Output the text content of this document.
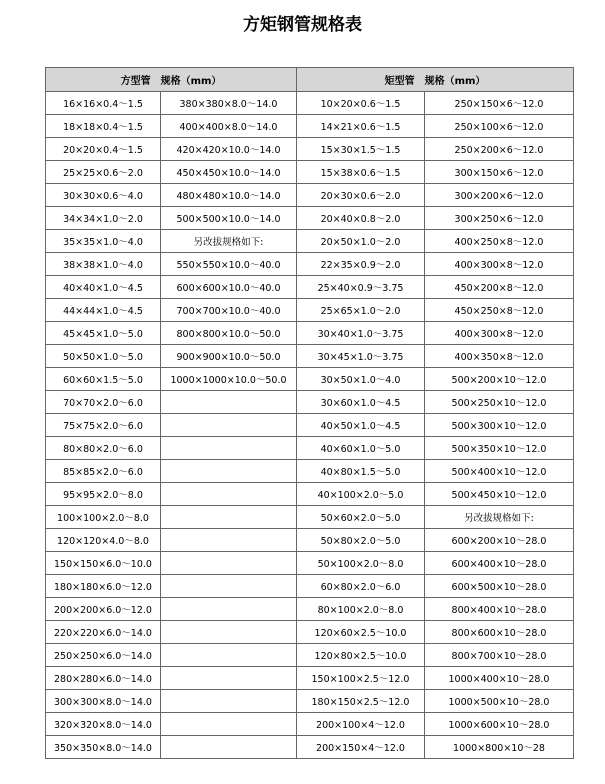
方矩钢管规格表
方型管　规格（mm）		矩型管　规格（mm）	
16×16×0.4～1.5	380×380×8.0～14.0	10×20×0.6～1.5	250×150×6～12.0
18×18×0.4～1.5	400×400×8.0～14.0	14×21×0.6～1.5	250×100×6～12.0
20×20×0.4～1.5	420×420×10.0～14.0	15×30×1.5～1.5	250×200×6～12.0
25×25×0.6～2.0	450×450×10.0～14.0	15×38×0.6～1.5	300×150×6～12.0
30×30×0.6～4.0	480×480×10.0～14.0	20×30×0.6～2.0	300×200×6～12.0
34×34×1.0～2.0	500×500×10.0～14.0	20×40×0.8～2.0	300×250×6～12.0
35×35×1.0～4.0	另改拔规格如下:	20×50×1.0～2.0	400×250×8～12.0
38×38×1.0～4.0	550×550×10.0～40.0	22×35×0.9～2.0	400×300×8～12.0
40×40×1.0～4.5	600×600×10.0～40.0	25×40×0.9～3.75	450×200×8～12.0
44×44×1.0～4.5	700×700×10.0～40.0	25×65×1.0～2.0	450×250×8～12.0
45×45×1.0～5.0	800×800×10.0～50.0	30×40×1.0～3.75	400×300×8～12.0
50×50×1.0～5.0	900×900×10.0～50.0	30×45×1.0～3.75	400×350×8～12.0
60×60×1.5～5.0	1000×1000×10.0～50.0	30×50×1.0～4.0	500×200×10～12.0
70×70×2.0～6.0		30×60×1.0～4.5	500×250×10～12.0
75×75×2.0～6.0		40×50×1.0～4.5	500×300×10～12.0
80×80×2.0～6.0		40×60×1.0～5.0	500×350×10～12.0
85×85×2.0～6.0		40×80×1.5～5.0	500×400×10～12.0
95×95×2.0～8.0		40×100×2.0～5.0	500×450×10～12.0
100×100×2.0～8.0		50×60×2.0～5.0	另改拔规格如下:
120×120×4.0～8.0		50×80×2.0～5.0	600×200×10～28.0
150×150×6.0～10.0		50×100×2.0～8.0	600×400×10～28.0
180×180×6.0～12.0		60×80×2.0～6.0	600×500×10～28.0
200×200×6.0～12.0		80×100×2.0～8.0	800×400×10～28.0
220×220×6.0～14.0		120×60×2.5～10.0	800×600×10～28.0
250×250×6.0～14.0		120×80×2.5～10.0	800×700×10～28.0
280×280×6.0～14.0		150×100×2.5～12.0	1000×400×10～28.0
300×300×8.0～14.0		180×150×2.5～12.0	1000×500×10～28.0
320×320×8.0～14.0		200×100×4～12.0	1000×600×10～28.0
350×350×8.0～14.0		200×150×4～12.0	1000×800×10～28
